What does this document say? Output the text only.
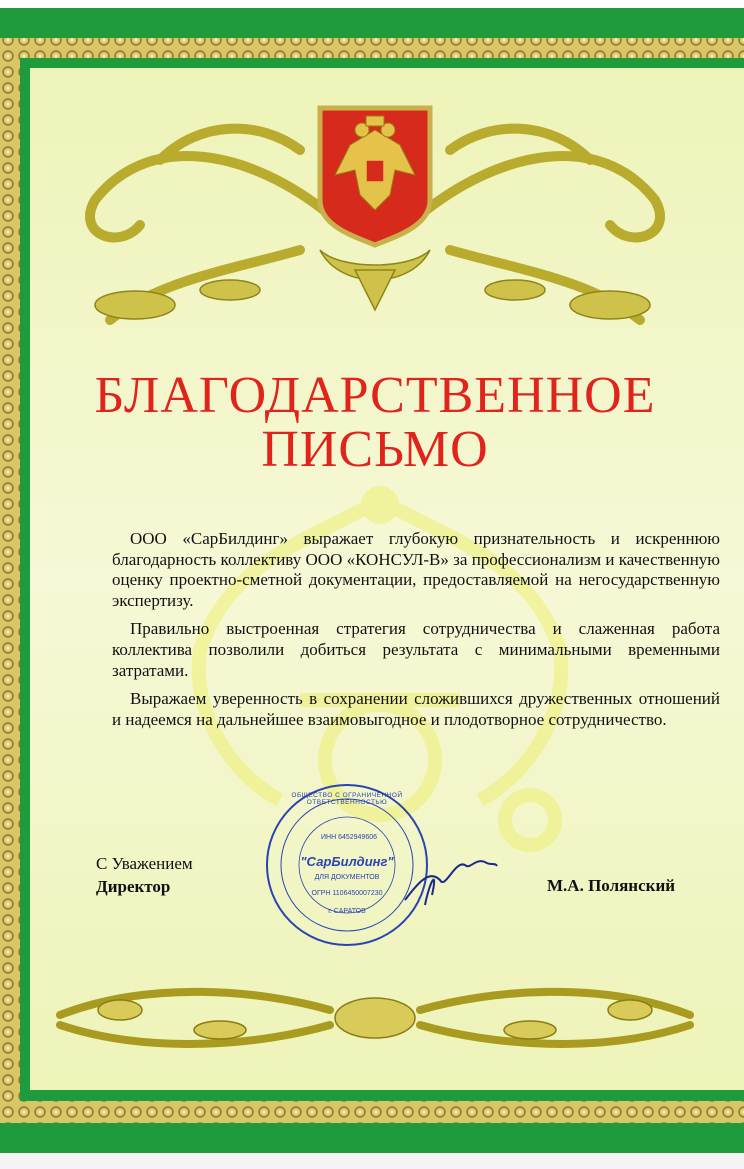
БЛАГОДАРСТВЕННОЕ
ПИСЬМО

ООО «СарБилдинг» выражает глубокую признательность и искреннюю благодарность коллективу ООО «КОНСУЛ-В» за профессионализм и качественную оценку проектно-сметной документации, предоставляемой на негосударственную экспертизу.

Правильно выстроенная стратегия сотрудничества и слаженная работа коллектива позволили добиться результата с минимальными временными затратами.

Выражаем уверенность в сохранении сложившихся дружественных отношений и надеемся на дальнейшее взаимовыгодное и плодотворное сотрудничество.

С Уважением
Директор	М.А. Полянский
ОБЩЕСТВО С ОГРАНИЧЕННОЙ ОТВЕТСТВЕННОСТЬЮ
ИНН 6452949606
"СарБилдинг"
ДЛЯ ДОКУМЕНТОВ
ОГРН 1106450007230
г. САРАТОВ
